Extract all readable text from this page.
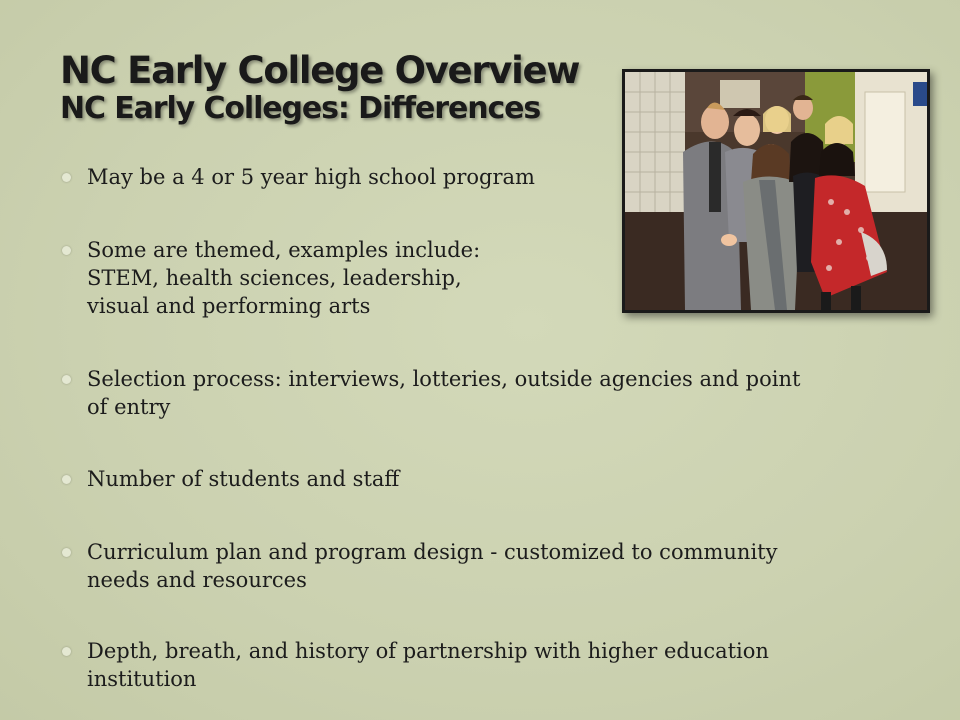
NC Early College Overview
NC Early Colleges: Differences
May be a 4 or 5 year high school program
Some are themed, examples include:
STEM, health sciences, leadership,
visual and performing arts
Selection process: interviews, lotteries, outside agencies and point
of entry
Number of students and staff
Curriculum plan and program design - customized to community
needs and resources
Depth, breath, and history of partnership with higher education
institution
